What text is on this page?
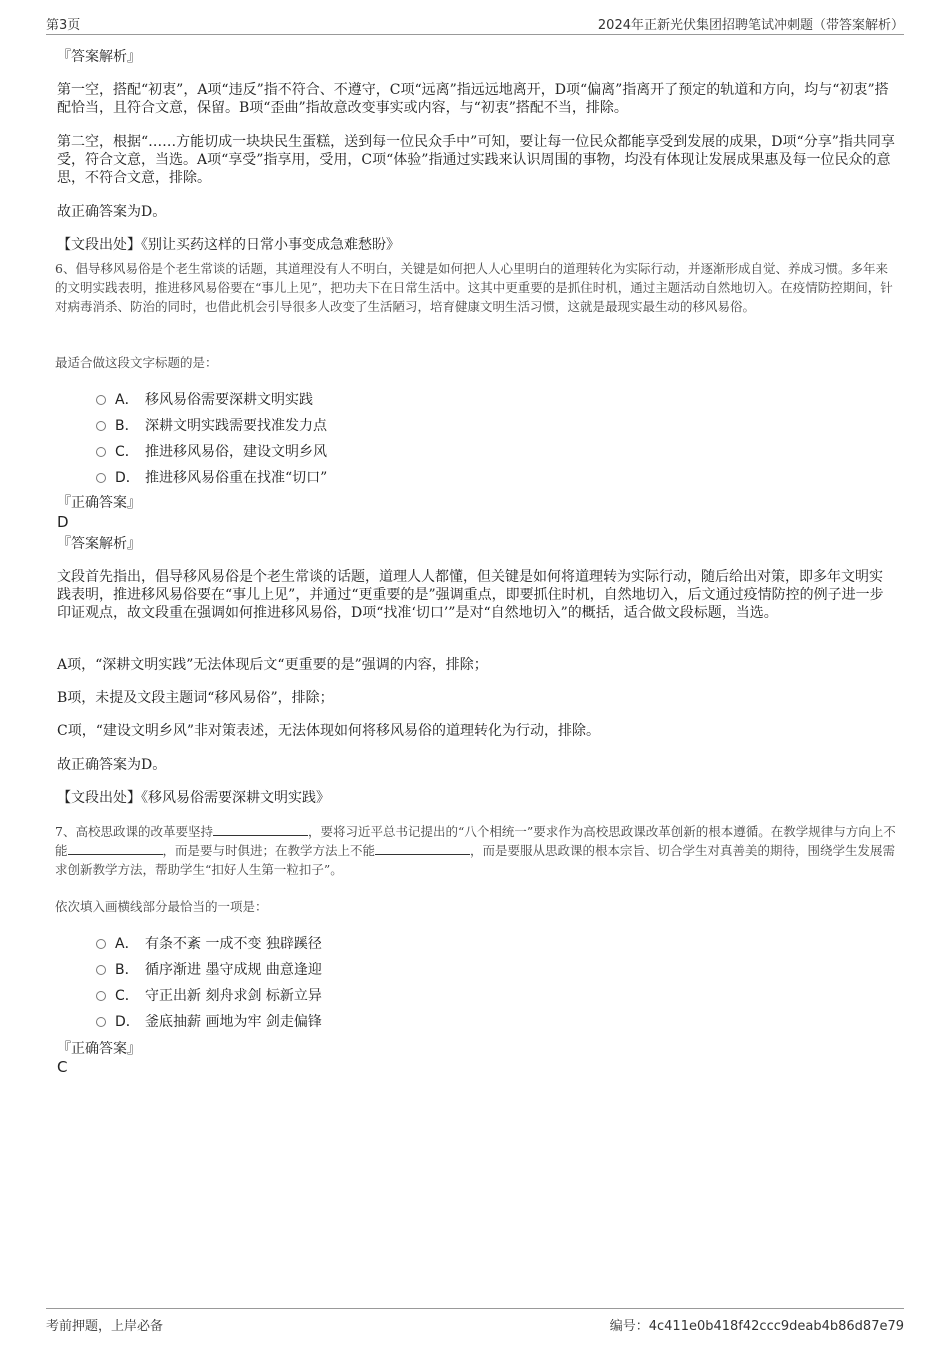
第3页	2024年正新光伏集团招聘笔试冲刺题（带答案解析）

『答案解析』

第一空，搭配“初衷”，A项“违反”指不符合、不遵守，C项“远离”指远远地离开，D项“偏离”指离开了预定的轨道和方向，均与“初衷”搭配恰当，且符合文意，保留。B项“歪曲”指故意改变事实或内容，与“初衷”搭配不当，排除。

第二空，根据“……方能切成一块块民生蛋糕，送到每一位民众手中”可知，要让每一位民众都能享受到发展的成果，D项“分享”指共同享受，符合文意，当选。A项“享受”指享用，受用，C项“体验”指通过实践来认识周围的事物，均没有体现让发展成果惠及每一位民众的意思，不符合文意，排除。

故正确答案为D。

【文段出处】《别让买药这样的日常小事变成急难愁盼》

6、倡导移风易俗是个老生常谈的话题，其道理没有人不明白，关键是如何把人人心里明白的道理转化为实际行动，并逐渐形成自觉、养成习惯。多年来的文明实践表明，推进移风易俗要在“事儿上见”，把功夫下在日常生活中。这其中更重要的是抓住时机，通过主题活动自然地切入。在疫情防控期间，针对病毒消杀、防治的同时，也借此机会引导很多人改变了生活陋习，培育健康文明生活习惯，这就是最现实最生动的移风易俗。

最适合做这段文字标题的是：

A． 移风易俗需要深耕文明实践
B． 深耕文明实践需要找准发力点
C． 推进移风易俗，建设文明乡风
D． 推进移风易俗重在找准“切口”

『正确答案』

D

『答案解析』

文段首先指出，倡导移风易俗是个老生常谈的话题，道理人人都懂，但关键是如何将道理转为实际行动，随后给出对策，即多年文明实践表明，推进移风易俗要在“事儿上见”，并通过“更重要的是”强调重点，即要抓住时机，自然地切入，后文通过疫情防控的例子进一步印证观点，故文段重在强调如何推进移风易俗，D项“找准‘切口’”是对“自然地切入”的概括，适合做文段标题，当选。

A项，“深耕文明实践”无法体现后文“更重要的是”强调的内容，排除；

B项，未提及文段主题词“移风易俗”，排除；

C项，“建设文明乡风”非对策表述，无法体现如何将移风易俗的道理转化为行动，排除。

故正确答案为D。

【文段出处】《移风易俗需要深耕文明实践》

7、高校思政课的改革要坚持	，要将习近平总书记提出的“八个相统一”要求作为高校思政课改革创新的根本遵循。在教学规律与方向上不能	，而是要与时俱进；在教学方法上不能	，而是要服从思政课的根本宗旨、切合学生对真善美的期待，围绕学生发展需求创新教学方法，帮助学生“扣好人生第一粒扣子”。

依次填入画横线部分最恰当的一项是：

A． 有条不紊 一成不变 独辟蹊径
B． 循序渐进 墨守成规 曲意逢迎
C． 守正出新 刻舟求剑 标新立异
D． 釜底抽薪 画地为牢 剑走偏锋

『正确答案』

C
考前押题，上岸必备	编号：4c411e0b418f42ccc9deab4b86d87e79
